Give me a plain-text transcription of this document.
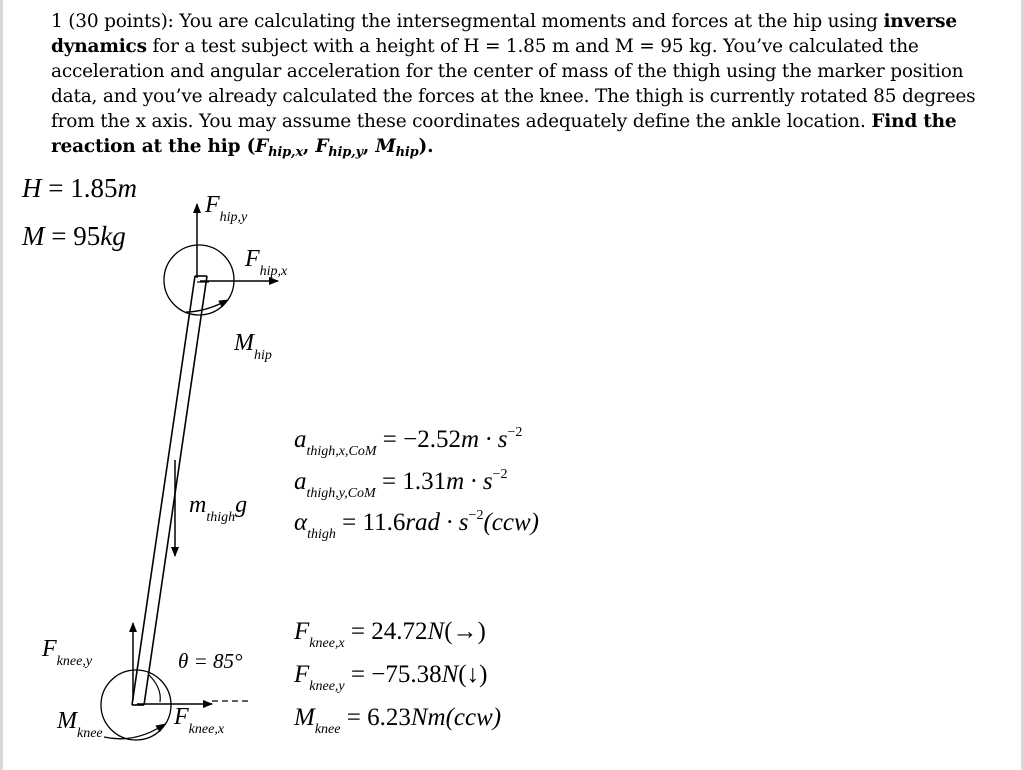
1 (30 points): You are calculating the intersegmental moments and forces at the hip using inverse dynamics for a test subject with a height of H = 1.85 m and M = 95 kg. You’ve calculated the acceleration and angular acceleration for the center of mass of the thigh using the marker position data, and you’ve already calculated the forces at the knee. The thigh is currently rotated 85 degrees from the x axis. You may assume these coordinates adequately define the ankle location. Find the reaction at the hip ($F_{hip,x}$, $F_{hip,y}$, $M_{hip}$).
H = 1.85m
M = 95kg
$F_{hip,y}$
$F_{hip,x}$
$M_{hip}$
$m_{thigh}g$
θ = 85°
$F_{knee,y}$
$F_{knee,x}$
$M_{knee}$
$a_{thigh,x,CoM} = -2.52m \cdot s^{-2}$
$a_{thigh,y,CoM} = 1.31m \cdot s^{-2}$
$\alpha_{thigh} = 11.6rad \cdot s^{-2}(ccw)$
$F_{knee,x} = 24.72N(\to)$
$F_{knee,y}$ = −75.38N(↓)
$M_{knee} = 6.23Nm(ccw)$
